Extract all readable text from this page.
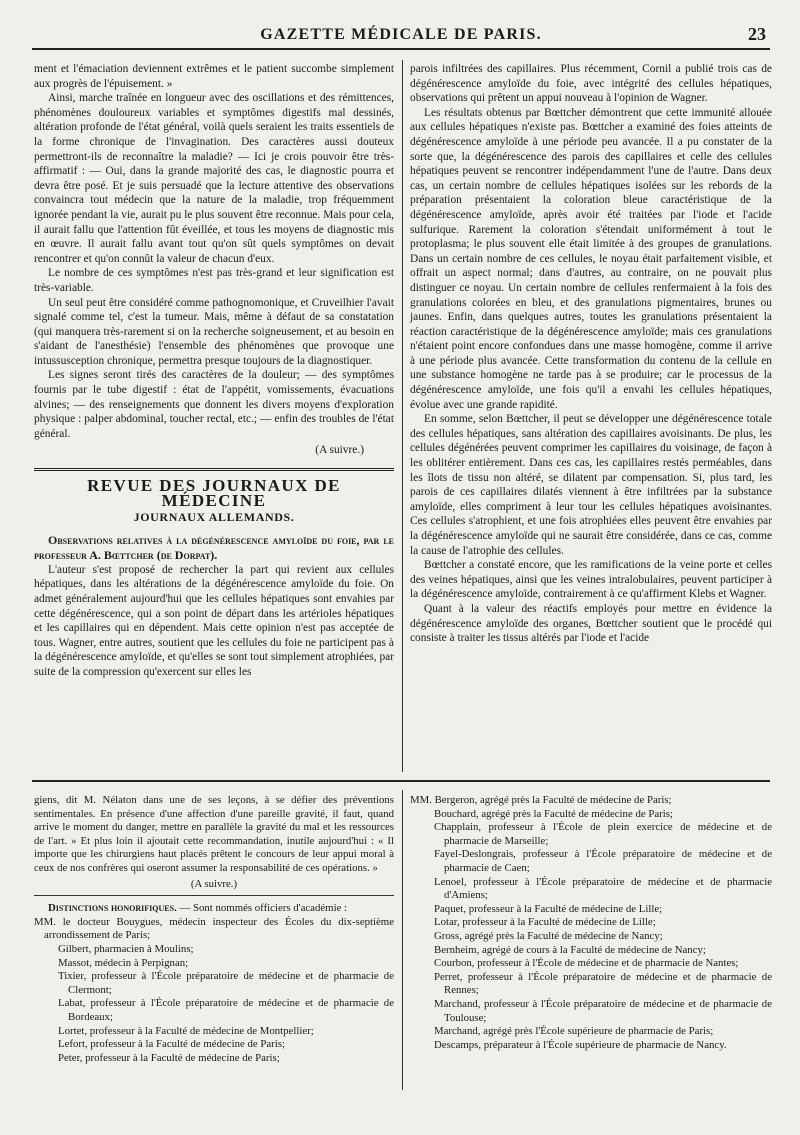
GAZETTE MÉDICALE DE PARIS.	23

ment et l'émaciation deviennent extrêmes et le patient succombe simplement aux progrès de l'épuisement. »

Ainsi, marche traînée en longueur avec des oscillations et des rémittences, phénomènes douloureux variables et symptômes digestifs mal dessinés, altération profonde de l'état général, voilà quels seraient les traits essentiels de la forme chronique de l'invagination. Des caractères aussi douteux permettront-ils de reconnaître la maladie? — Ici je crois pouvoir être très-affirmatif : — Oui, dans la grande majorité des cas, le diagnostic pourra et devra être posé. Et je suis persuadé que la lecture attentive des observations convaincra tout médecin que la nature de la maladie, trop fréquemment ignorée pendant la vie, aurait pu le plus souvent être reconnue. Mais pour cela, il aurait fallu que l'attention fût éveillée, et tous les moyens de diagnostic mis en œuvre. Il aurait fallu avant tout qu'on sût quels symptômes on devait rencontrer et qu'on connût la valeur de chacun d'eux.

Le nombre de ces symptômes n'est pas très-grand et leur signification est très-variable.

Un seul peut être considéré comme pathognomonique, et Cruveilhier l'avait signalé comme tel, c'est la tumeur. Mais, même à défaut de sa constatation (qui manquera très-rarement si on la recherche soigneusement, et au besoin en s'aidant de l'anesthésie) l'ensemble des phénomènes que provoque une intussusception chronique, permettra presque toujours de la diagnostiquer.

Les signes seront tirés des caractères de la douleur; — des symptômes fournis par le tube digestif : état de l'appétit, vomissements, évacuations alvines; — des renseignements que donnent les divers moyens d'exploration physique : palper abdominal, toucher rectal, etc.; — enfin des troubles de l'état général.

(A suivre.)
REVUE DES JOURNAUX DE MÉDECINE
JOURNAUX ALLEMANDS.

Observations relatives à la dégénérescence amyloïde du foie, par le professeur A. Bœttcher (de Dorpat).

L'auteur s'est proposé de rechercher la part qui revient aux cellules hépatiques, dans les altérations de la dégénérescence amyloïde du foie. On admet généralement aujourd'hui que les cellules hépatiques sont envahies par cette dégénérescence, qui a son point de départ dans les artérioles hépatiques et les capillaires qui en dépendent. Mais cette opinion n'est pas acceptée de tous. Wagner, entre autres, soutient que les cellules du foie ne participent pas à la dégénérescence amyloïde, et qu'elles se sont tout simplement atrophiées, par suite de la compression qu'exercent sur elles les

parois infiltrées des capillaires. Plus récemment, Cornil a publié trois cas de dégénérescence amyloïde du foie, avec intégrité des cellules hépatiques, observations qui prêtent un appui nouveau à l'opinion de Wagner.

Les résultats obtenus par Bœttcher démontrent que cette immunité allouée aux cellules hépatiques n'existe pas. Bœttcher a examiné des foies atteints de dégénérescence amyloïde à une période peu avancée. Il a pu constater de la sorte que, la dégénérescence des parois des capillaires et celle des cellules hépatiques peuvent se rencontrer indépendamment l'une de l'autre. Dans deux cas, un certain nombre de cellules hépatiques isolées sur les rebords de la préparation présentaient la coloration bleue caractéristique de la dégénérescence amyloïde, après avoir été traitées par l'iode et l'acide sulfurique. Rarement la coloration s'étendait uniformément à tout le protoplasma; le plus souvent elle était limitée à des groupes de granulations. Dans un certain nombre de ces cellules, le noyau était parfaitement visible, et offrait un aspect normal; dans d'autres, au contraire, on ne pouvait plus distinguer ce noyau. Un certain nombre de cellules renfermaient à la fois des granulations colorées en bleu, et des granulations pigmentaires, brunes ou jaunes. Enfin, dans quelques autres, toutes les granulations présentaient la réaction caractéristique de la dégénérescence amyloïde; mais ces granulations n'étaient point encore confondues dans une masse homogène, comme il arrive à une période plus avancée. Cette transformation du contenu de la cellule en une substance homogène ne tarde pas à se produire; car le processus de la dégénérescence amyloïde, une fois qu'il a envahi les cellules hépatiques, évolue avec une grande rapidité.

En somme, selon Bœttcher, il peut se développer une dégénérescence totale des cellules hépatiques, sans altération des capillaires avoisinants. De plus, les cellules dégénérées peuvent comprimer les capillaires du voisinage, de façon à les oblitérer entièrement. Dans ces cas, les capillaires restés perméables, dans les îlots de tissu non altéré, se dilatent par compensation. Si, plus tard, les parois de ces capillaires dilatés viennent à être infiltrées par la substance amyloïde, elles compriment à leur tour les cellules hépatiques avoisinantes. Ces cellules s'atrophient, et une fois atrophiées elles peuvent être envahies par la dégénérescence amyloïde qui ne saurait être considérée, dans ce cas, comme la cause de l'atrophie des cellules.

Bœttcher a constaté encore, que les ramifications de la veine porte et celles des veines hépatiques, ainsi que les veines intralobulaires, peuvent participer à la dégénérescence amyloïde, contrairement à ce qu'affirment Klebs et Wagner.

Quant à la valeur des réactifs employés pour mettre en évidence la dégénérescence amyloïde des organes, Bœttcher soutient que le procédé qui consiste à traiter les tissus altérés par l'iode et l'acide

giens, dit M. Nélaton dans une de ses leçons, à se défier des préventions sentimentales. En présence d'une affection d'une pareille gravité, il faut, quand arrive le moment du danger, mettre en parallèle la gravité du mal et les ressources de l'art. » Et plus loin il ajoutait cette recommandation, inutile aujourd'hui : « Il importe que les chirurgiens haut placés prêtent le concours de leur appui moral à ceux de nos confrères qui oseront assumer la responsabilité de ces opérations. »

(A suivre.)

Distinctions honorifiques. — Sont nommés officiers d'académie :

MM. le docteur Bouygues, médecin inspecteur des Écoles du dix-septième arrondissement de Paris;

Gilbert, pharmacien à Moulins;

Massot, médecin à Perpignan;

Tixier, professeur à l'École préparatoire de médecine et de pharmacie de Clermont;

Labat, professeur à l'École préparatoire de médecine et de pharmacie de Bordeaux;

Lortet, professeur à la Faculté de médecine de Montpellier;

Lefort, professeur à la Faculté de médecine de Paris;

Peter, professeur à la Faculté de médecine de Paris;

MM. Bergeron, agrégé près la Faculté de médecine de Paris;

Bouchard, agrégé près la Faculté de médecine de Paris;

Chapplain, professeur à l'École de plein exercice de médecine et de pharmacie de Marseille;

Fayel-Deslongrais, professeur à l'École préparatoire de médecine et de pharmacie de Caen;

Lenoel, professeur à l'École préparatoire de médecine et de pharmacie d'Amiens;

Paquet, professeur à la Faculté de médecine de Lille;

Lotar, professeur à la Faculté de médecine de Lille;

Gross, agrégé près la Faculté de médecine de Nancy;

Bernheim, agrégé de cours à la Faculté de médecine de Nancy;

Courbon, professeur à l'École de médecine et de pharmacie de Nantes;

Perret, professeur à l'École préparatoire de médecine et de pharmacie de Rennes;

Marchand, professeur à l'École préparatoire de médecine et de pharmacie de Toulouse;

Marchand, agrégé près l'École supérieure de pharmacie de Paris;

Descamps, préparateur à l'École supérieure de pharmacie de Nancy.
